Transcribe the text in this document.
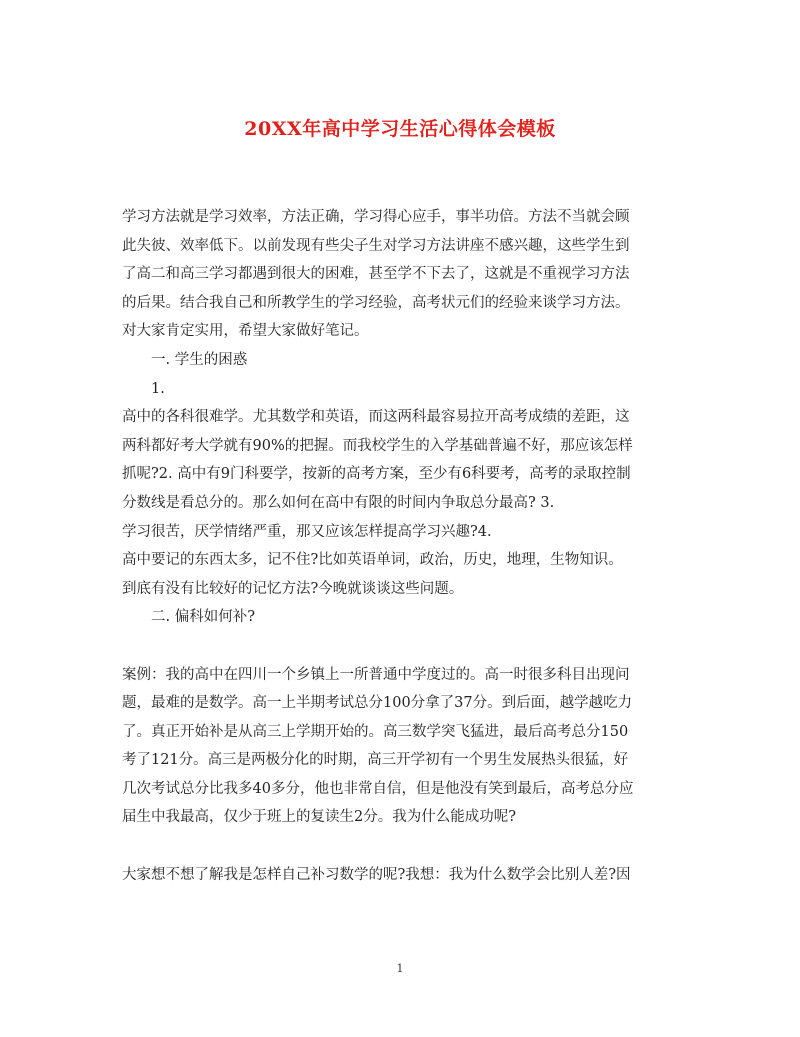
20XX年高中学习生活心得体会模板
学习方法就是学习效率，方法正确，学习得心应手，事半功倍。方法不当就会顾
此失彼、效率低下。以前发现有些尖子生对学习方法讲座不感兴趣，这些学生到
了高二和高三学习都遇到很大的困难，甚至学不下去了，这就是不重视学习方法
的后果。结合我自己和所教学生的学习经验，高考状元们的经验来谈学习方法。
对大家肯定实用，希望大家做好笔记。
一. 学生的困惑
1.
高中的各科很难学。尤其数学和英语，而这两科最容易拉开高考成绩的差距，这
两科都好考大学就有90%的把握。而我校学生的入学基础普遍不好，那应该怎样
抓呢?2. 高中有9门科要学，按新的高考方案，至少有6科要考，高考的录取控制
分数线是看总分的。那么如何在高中有限的时间内争取总分最高? 3.
学习很苦，厌学情绪严重，那又应该怎样提高学习兴趣?4.
高中要记的东西太多，记不住?比如英语单词，政治，历史，地理，生物知识。
到底有没有比较好的记忆方法?今晚就谈谈这些问题。
二. 偏科如何补?
案例：我的高中在四川一个乡镇上一所普通中学度过的。高一时很多科目出现问
题，最难的是数学。高一上半期考试总分100分拿了37分。到后面，越学越吃力
了。真正开始补是从高三上学期开始的。高三数学突飞猛进，最后高考总分150
考了121分。高三是两极分化的时期，高三开学初有一个男生发展热头很猛，好
几次考试总分比我多40多分，他也非常自信，但是他没有笑到最后，高考总分应
届生中我最高，仅少于班上的复读生2分。我为什么能成功呢?
大家想不想了解我是怎样自己补习数学的呢?我想：我为什么数学会比别人差?因
1
